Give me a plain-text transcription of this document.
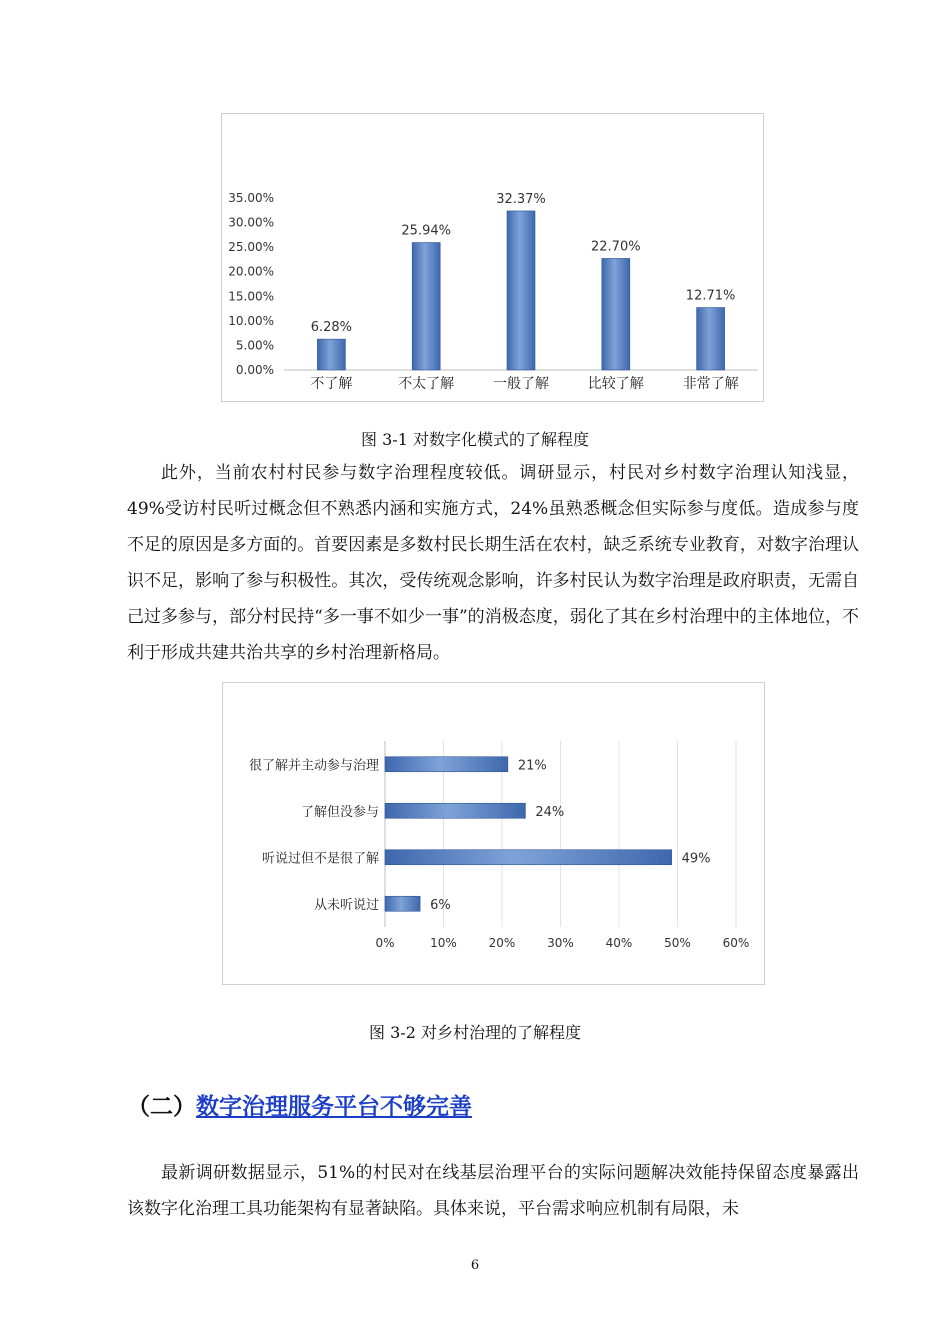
0.00%
5.00%
10.00%
15.00%
20.00%
25.00%
30.00%
35.00%
6.28%
不了解
25.94%
不太了解
32.37%
一般了解
22.70%
比较了解
12.71%
非常了解
图 3-1 对数字化模式的了解程度

此外，当前农村村民参与数字治理程度较低。调研显示，村民对乡村数字治理认知浅显，49%受访村民听过概念但不熟悉内涵和实施方式，24%虽熟悉概念但实际参与度低。造成参与度不足的原因是多方面的。首要因素是多数村民长期生活在农村，缺乏系统专业教育，对数字治理认识不足，影响了参与积极性。其次，受传统观念影响，许多村民认为数字治理是政府职责，无需自己过多参与，部分村民持“多一事不如少一事”的消极态度，弱化了其在乡村治理中的主体地位，不利于形成共建共治共享的乡村治理新格局。

0%	10%	20%	30%	40%	50%	60%
21%
很了解并主动参与治理
24%
了解但没参与
49%
听说过但不是很了解
6%
从未听说过
图 3-2 对乡村治理的了解程度
（二）数字治理服务平台不够完善

最新调研数据显示，51%的村民对在线基层治理平台的实际问题解决效能持保留态度暴露出该数字化治理工具功能架构有显著缺陷。具体来说，平台需求响应机制有局限，未

6
